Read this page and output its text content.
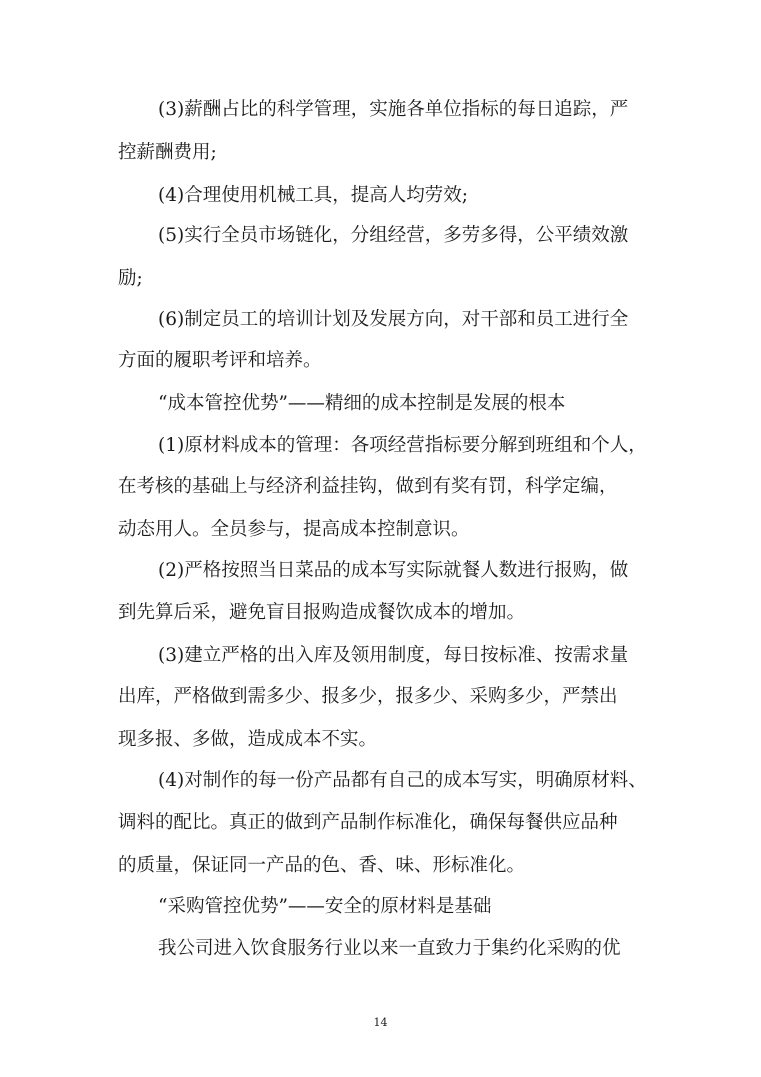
(3)薪酬占比的科学管理，实施各单位指标的每日追踪，严
控薪酬费用;
(4)合理使用机械工具，提高人均劳效;
(5)实行全员市场链化，分组经营，多劳多得，公平绩效激
励;
(6)制定员工的培训计划及发展方向，对干部和员工进行全
方面的履职考评和培养。
“成本管控优势”——精细的成本控制是发展的根本
(1)原材料成本的管理：各项经营指标要分解到班组和个人，
在考核的基础上与经济利益挂钩，做到有奖有罚，科学定编，
动态用人。全员参与，提高成本控制意识。
(2)严格按照当日菜品的成本写实际就餐人数进行报购，做
到先算后采，避免盲目报购造成餐饮成本的增加。
(3)建立严格的出入库及领用制度，每日按标准、按需求量
出库，严格做到需多少、报多少，报多少、采购多少，严禁出
现多报、多做，造成成本不实。
(4)对制作的每一份产品都有自己的成本写实，明确原材料、
调料的配比。真正的做到产品制作标准化，确保每餐供应品种
的质量，保证同一产品的色、香、味、形标准化。
“采购管控优势”——安全的原材料是基础
我公司进入饮食服务行业以来一直致力于集约化采购的优
14
